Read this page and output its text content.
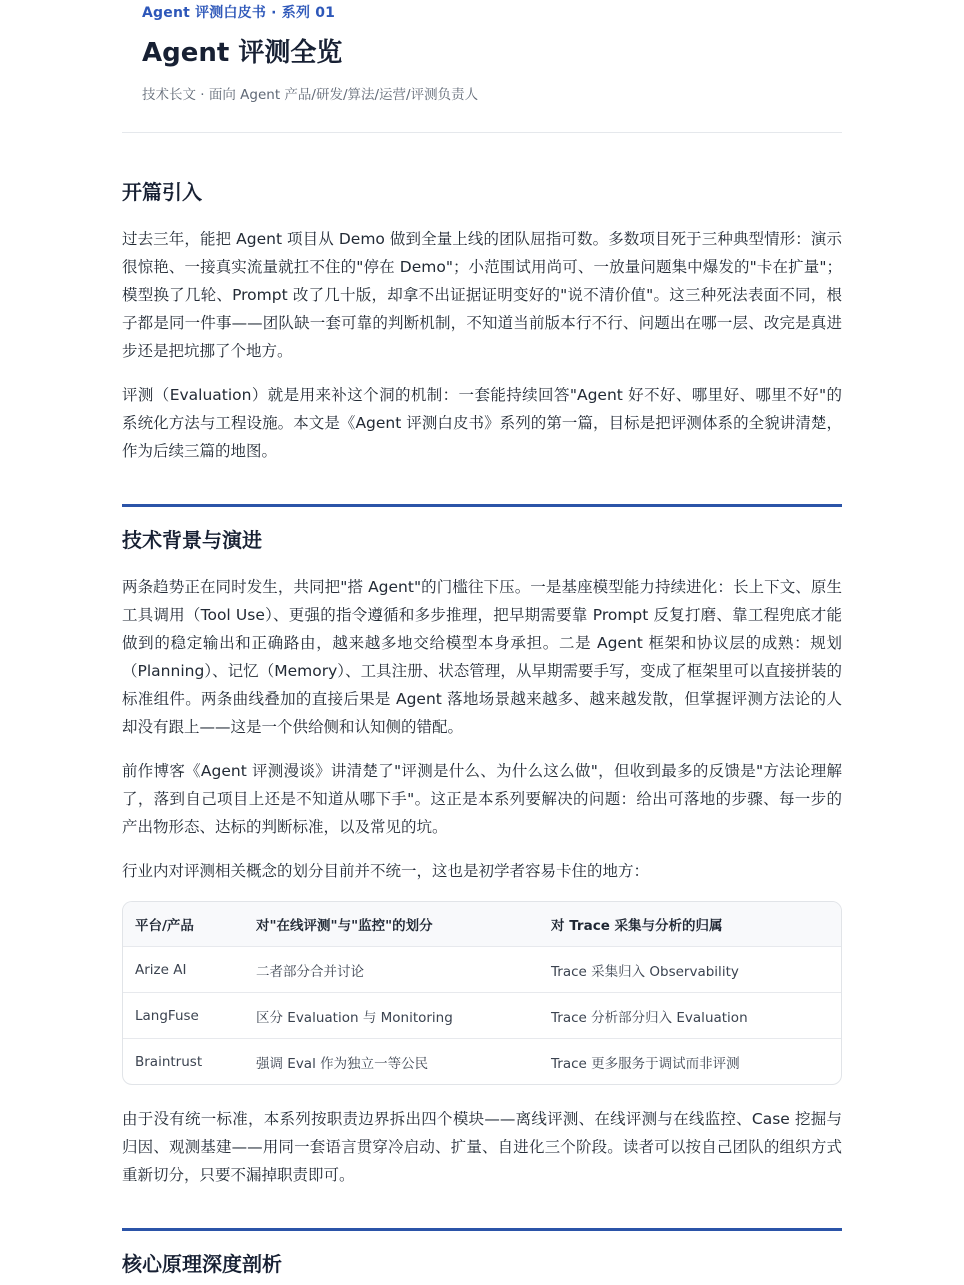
Agent 评测白皮书 · 系列 01
Agent 评测全览
技术长文 · 面向 Agent 产品/研发/算法/运营/评测负责人
开篇引入

过去三年，能把 Agent 项目从 Demo 做到全量上线的团队屈指可数。多数项目死于三种典型情形：演示很惊艳、一接真实流量就扛不住的"停在 Demo"；小范围试用尚可、一放量问题集中爆发的"卡在扩量"；模型换了几轮、Prompt 改了几十版，却拿不出证据证明变好的"说不清价值"。这三种死法表面不同，根子都是同一件事——团队缺一套可靠的判断机制，不知道当前版本行不行、问题出在哪一层、改完是真进步还是把坑挪了个地方。

评测（Evaluation）就是用来补这个洞的机制：一套能持续回答"Agent 好不好、哪里好、哪里不好"的系统化方法与工程设施。本文是《Agent 评测白皮书》系列的第一篇，目标是把评测体系的全貌讲清楚，作为后续三篇的地图。

技术背景与演进

两条趋势正在同时发生，共同把"搭 Agent"的门槛往下压。一是基座模型能力持续进化：长上下文、原生工具调用（Tool Use）、更强的指令遵循和多步推理，把早期需要靠 Prompt 反复打磨、靠工程兜底才能做到的稳定输出和正确路由，越来越多地交给模型本身承担。二是 Agent 框架和协议层的成熟：规划（Planning）、记忆（Memory）、工具注册、状态管理，从早期需要手写，变成了框架里可以直接拼装的标准组件。两条曲线叠加的直接后果是 Agent 落地场景越来越多、越来越发散，但掌握评测方法论的人却没有跟上——这是一个供给侧和认知侧的错配。

前作博客《Agent 评测漫谈》讲清楚了"评测是什么、为什么这么做"，但收到最多的反馈是"方法论理解了，落到自己项目上还是不知道从哪下手"。这正是本系列要解决的问题：给出可落地的步骤、每一步的产出物形态、达标的判断标准，以及常见的坑。

行业内对评测相关概念的划分目前并不统一，这也是初学者容易卡住的地方：

平台/产品	对"在线评测"与"监控"的划分	对 Trace 采集与分析的归属
Arize AI	二者部分合并讨论	Trace 采集归入 Observability
LangFuse	区分 Evaluation 与 Monitoring	Trace 分析部分归入 Evaluation
Braintrust	强调 Eval 作为独立一等公民	Trace 更多服务于调试而非评测

由于没有统一标准，本系列按职责边界拆出四个模块——离线评测、在线评测与在线监控、Case 挖掘与归因、观测基建——用同一套语言贯穿冷启动、扩量、自进化三个阶段。读者可以按自己团队的组织方式重新切分，只要不漏掉职责即可。

核心原理深度剖析
